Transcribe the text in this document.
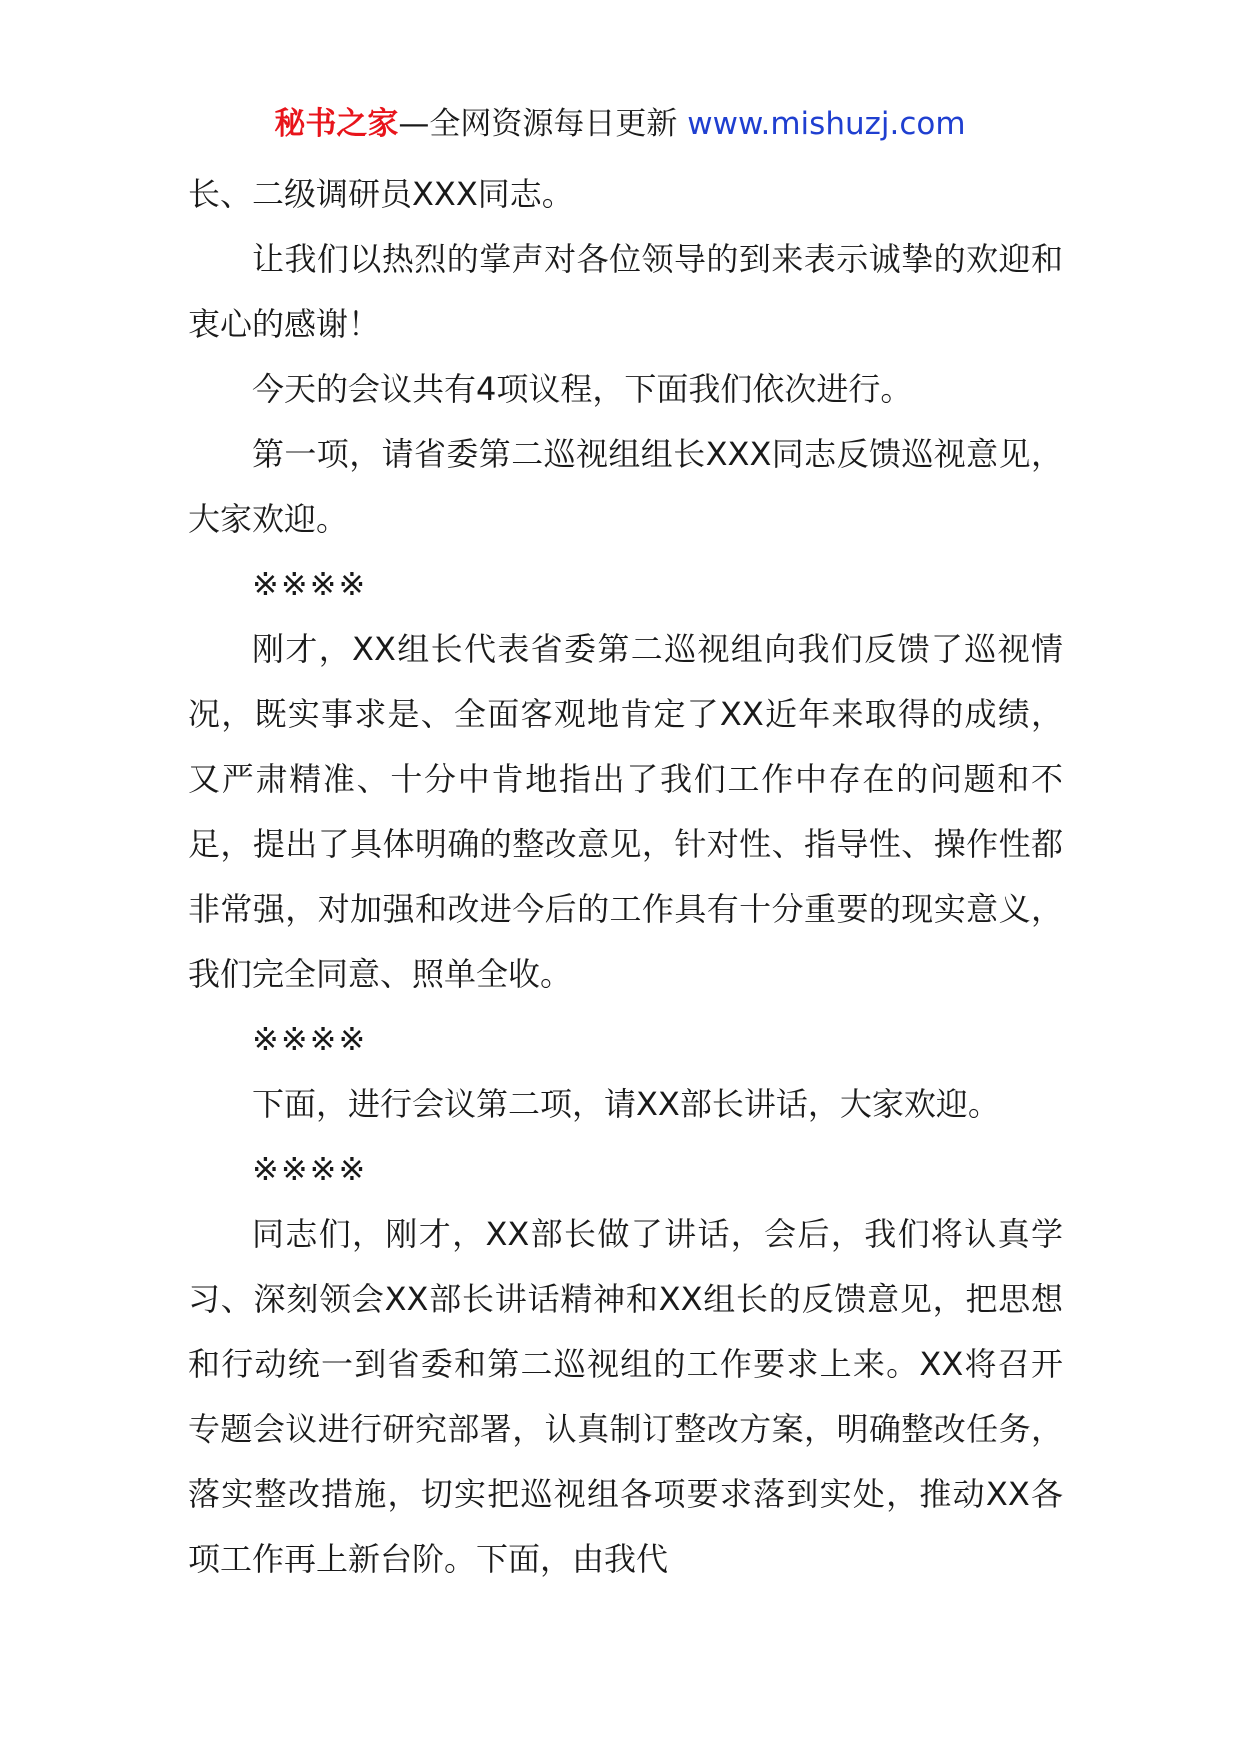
秘书之家—全网资源每日更新 www.mishuzj.com

长、二级调研员XXX同志。

让我们以热烈的掌声对各位领导的到来表示诚挚的欢迎和衷心的感谢！

今天的会议共有4项议程，下面我们依次进行。

第一项，请省委第二巡视组组长XXX同志反馈巡视意见，大家欢迎。

※※※※

刚才，XX组长代表省委第二巡视组向我们反馈了巡视情况，既实事求是、全面客观地肯定了XX近年来取得的成绩，又严肃精准、十分中肯地指出了我们工作中存在的问题和不足，提出了具体明确的整改意见，针对性、指导性、操作性都非常强，对加强和改进今后的工作具有十分重要的现实意义，我们完全同意、照单全收。

※※※※

下面，进行会议第二项，请XX部长讲话，大家欢迎。

※※※※

同志们，刚才，XX部长做了讲话，会后，我们将认真学习、深刻领会XX部长讲话精神和XX组长的反馈意见，把思想和行动统一到省委和第二巡视组的工作要求上来。XX将召开专题会议进行研究部署，认真制订整改方案，明确整改任务，落实整改措施，切实把巡视组各项要求落到实处，推动XX各项工作再上新台阶。下面，由我代
